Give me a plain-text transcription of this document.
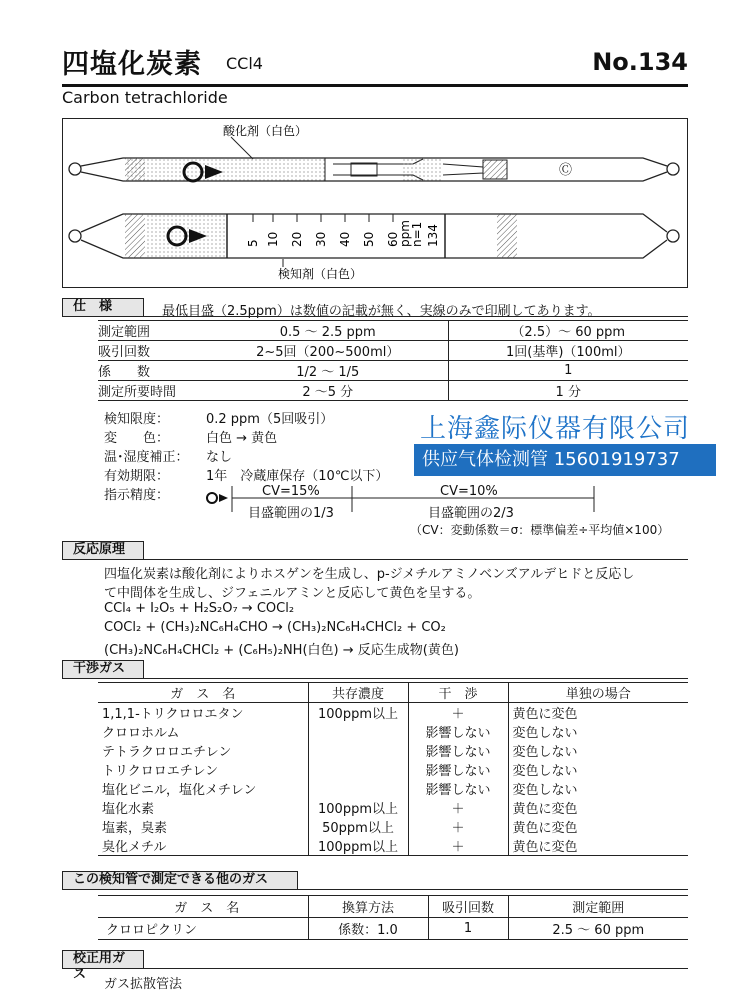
四塩化炭素 CCl4	No.134
Carbon tetrachloride
酸化剤（白色）
Ⓒ
5 10 20 30 40 50 60
ppm
n=1 134
検知剤（白色）
仕　様	最低目盛（2.5ppm）は数値の記載が無く、実線のみで印刷してあります。
測定範囲	0.5 ～ 2.5 ppm	（2.5）～ 60 ppm
吸引回数	2~5回（200~500ml）	1回(基準)（100ml）
係　　数	1/2 ～ 1/5	1
測定所要時間	2 ～5 分	1 分
検知限度：	0.2 ppm（5回吸引）
変　　色：	白色 → 黄色
温･湿度補正： なし
有効期限：	1年　冷蔵庫保存（10℃以下）
指示精度：	CV=15%	CV=10%
目盛範囲の1/3	目盛範囲の2/3
（CV：変動係数＝σ：標準偏差÷平均値×100）
上海鑫际仪器有限公司
供应气体检测管 15601919737
反応原理
四塩化炭素は酸化剤によりホスゲンを生成し、p-ジメチルアミノベンズアルデヒドと反応し
て中間体を生成し、ジフェニルアミンと反応して黄色を呈する。
CCl₄ + I₂O₅ + H₂S₂O₇ → COCl₂
COCl₂ + (CH₃)₂NC₆H₄CHO → (CH₃)₂NC₆H₄CHCl₂ + CO₂
(CH₃)₂NC₆H₄CHCl₂ + (C₆H₅)₂NH(白色) → 反応生成物(黄色)
干渉ガス
ガ　ス　名	共存濃度	干　渉	単独の場合
1,1,1-トリクロロエタン	100ppm以上	＋	黄色に変色
クロロホルム		影響しない	変色しない
テトラクロロエチレン		影響しない	変色しない
トリクロロエチレン		影響しない	変色しない
塩化ビニル，塩化メチレン		影響しない	変色しない
塩化水素	100ppm以上	＋	黄色に変色
塩素，臭素	50ppm以上	＋	黄色に変色
臭化メチル	100ppm以上	＋	黄色に変色
この検知管で測定できる他のガス
ガ　ス　名	換算方法	吸引回数	測定範囲
クロロピクリン	係数：1.0	1	2.5 ～ 60 ppm
校正用ガス
ガス拡散管法
